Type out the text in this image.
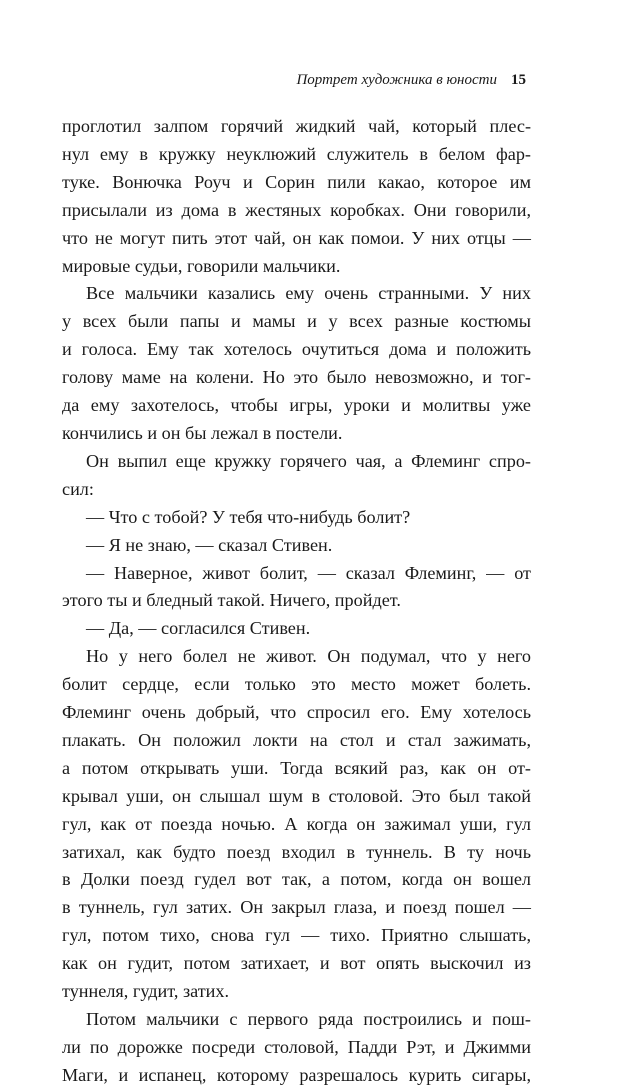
Портрет художника в юности 15
проглотил залпом горячий жидкий чай, который плес-
нул ему в кружку неуклюжий служитель в белом фар-
туке. Вонючка Роуч и Сорин пили какао, которое им
присылали из дома в жестяных коробках. Они говорили,
что не могут пить этот чай, он как помои. У них отцы —
мировые судьи, говорили мальчики.
Все мальчики казались ему очень странными. У них
у всех были папы и мамы и у всех разные костюмы
и голоса. Ему так хотелось очутиться дома и положить
голову маме на колени. Но это было невозможно, и тог-
да ему захотелось, чтобы игры, уроки и молитвы уже
кончились и он бы лежал в постели.
Он выпил еще кружку горячего чая, а Флеминг спро-
сил:
— Что с тобой? У тебя что-нибудь болит?
— Я не знаю, — сказал Стивен.
— Наверное, живот болит, — сказал Флеминг, — от
этого ты и бледный такой. Ничего, пройдет.
— Да, — согласился Стивен.
Но у него болел не живот. Он подумал, что у него
болит сердце, если только это место может болеть.
Флеминг очень добрый, что спросил его. Ему хотелось
плакать. Он положил локти на стол и стал зажимать,
а потом открывать уши. Тогда всякий раз, как он от-
крывал уши, он слышал шум в столовой. Это был такой
гул, как от поезда ночью. А когда он зажимал уши, гул
затихал, как будто поезд входил в туннель. В ту ночь
в Долки поезд гудел вот так, а потом, когда он вошел
в туннель, гул затих. Он закрыл глаза, и поезд пошел —
гул, потом тихо, снова гул — тихо. Приятно слышать,
как он гудит, потом затихает, и вот опять выскочил из
туннеля, гудит, затих.
Потом мальчики с первого ряда построились и пош-
ли по дорожке посреди столовой, Падди Рэт, и Джимми
Маги, и испанец, которому разрешалось курить сигары,
